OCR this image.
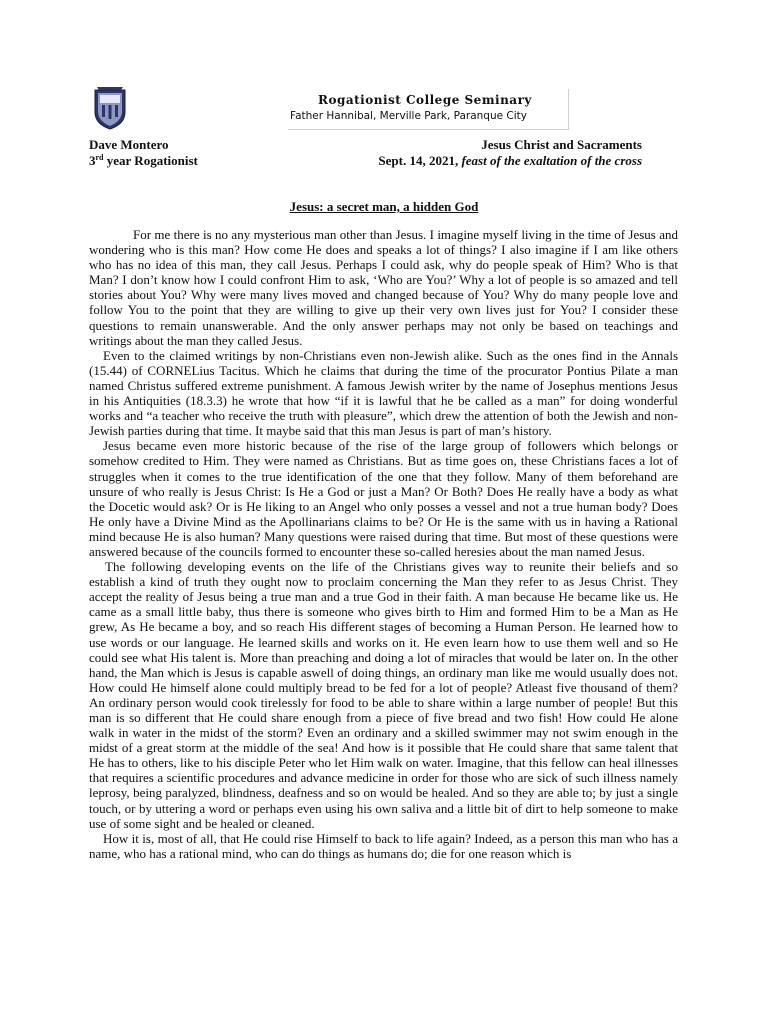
Rogationist College Seminary
Father Hannibal, Merville Park, Paranque City
Dave Montero
3rd year Rogationist
Jesus Christ and Sacraments
Sept. 14, 2021, feast of the exaltation of the cross
Jesus: a secret man, a hidden God

For me there is no any mysterious man other than Jesus. I imagine myself living in the time of Jesus and wondering who is this man? How come He does and speaks a lot of things? I also imagine if I am like others who has no idea of this man, they call Jesus. Perhaps I could ask, why do people speak of Him? Who is that Man? I don’t know how I could confront Him to ask, ‘Who are You?’ Why a lot of people is so amazed and tell stories about You? Why were many lives moved and changed because of You? Why do many people love and follow You to the point that they are willing to give up their very own lives just for You? I consider these questions to remain unanswerable. And the only answer perhaps may not only be based on teachings and writings about the man they called Jesus.

Even to the claimed writings by non-Christians even non-Jewish alike. Such as the ones find in the Annals (15.44) of CORNELius Tacitus. Which he claims that during the time of the procurator Pontius Pilate a man named Christus suffered extreme punishment. A famous Jewish writer by the name of Josephus mentions Jesus in his Antiquities (18.3.3) he wrote that how “if it is lawful that he be called as a man” for doing wonderful works and “a teacher who receive the truth with pleasure”, which drew the attention of both the Jewish and non-Jewish parties during that time. It maybe said that this man Jesus is part of man’s history.

Jesus became even more historic because of the rise of the large group of followers which belongs or somehow credited to Him. They were named as Christians. But as time goes on, these Christians faces a lot of struggles when it comes to the true identification of the one that they follow. Many of them beforehand are unsure of who really is Jesus Christ: Is He a God or just a Man? Or Both? Does He really have a body as what the Docetic would ask? Or is He liking to an Angel who only posses a vessel and not a true human body? Does He only have a Divine Mind as the Apollinarians claims to be? Or He is the same with us in having a Rational mind because He is also human? Many questions were raised during that time. But most of these questions were answered because of the councils formed to encounter these so-called heresies about the man named Jesus.

The following developing events on the life of the Christians gives way to reunite their beliefs and so establish a kind of truth they ought now to proclaim concerning the Man they refer to as Jesus Christ. They accept the reality of Jesus being a true man and a true God in their faith. A man because He became like us. He came as a small little baby, thus there is someone who gives birth to Him and formed Him to be a Man as He grew, As He became a boy, and so reach His different stages of becoming a Human Person. He learned how to use words or our language. He learned skills and works on it. He even learn how to use them well and so He could see what His talent is. More than preaching and doing a lot of miracles that would be later on. In the other hand, the Man which is Jesus is capable aswell of doing things, an ordinary man like me would usually does not. How could He himself alone could multiply bread to be fed for a lot of people? Atleast five thousand of them? An ordinary person would cook tirelessly for food to be able to share within a large number of people! But this man is so different that He could share enough from a piece of five bread and two fish! How could He alone walk in water in the midst of the storm? Even an ordinary and a skilled swimmer may not swim enough in the midst of a great storm at the middle of the sea! And how is it possible that He could share that same talent that He has to others, like to his disciple Peter who let Him walk on water. Imagine, that this fellow can heal illnesses that requires a scientific procedures and advance medicine in order for those who are sick of such illness namely leprosy, being paralyzed, blindness, deafness and so on would be healed. And so they are able to; by just a single touch, or by uttering a word or perhaps even using his own saliva and a little bit of dirt to help someone to make use of some sight and be healed or cleaned.

How it is, most of all, that He could rise Himself to back to life again? Indeed, as a person this man who has a name, who has a rational mind, who can do things as humans do; die for one reason which is
